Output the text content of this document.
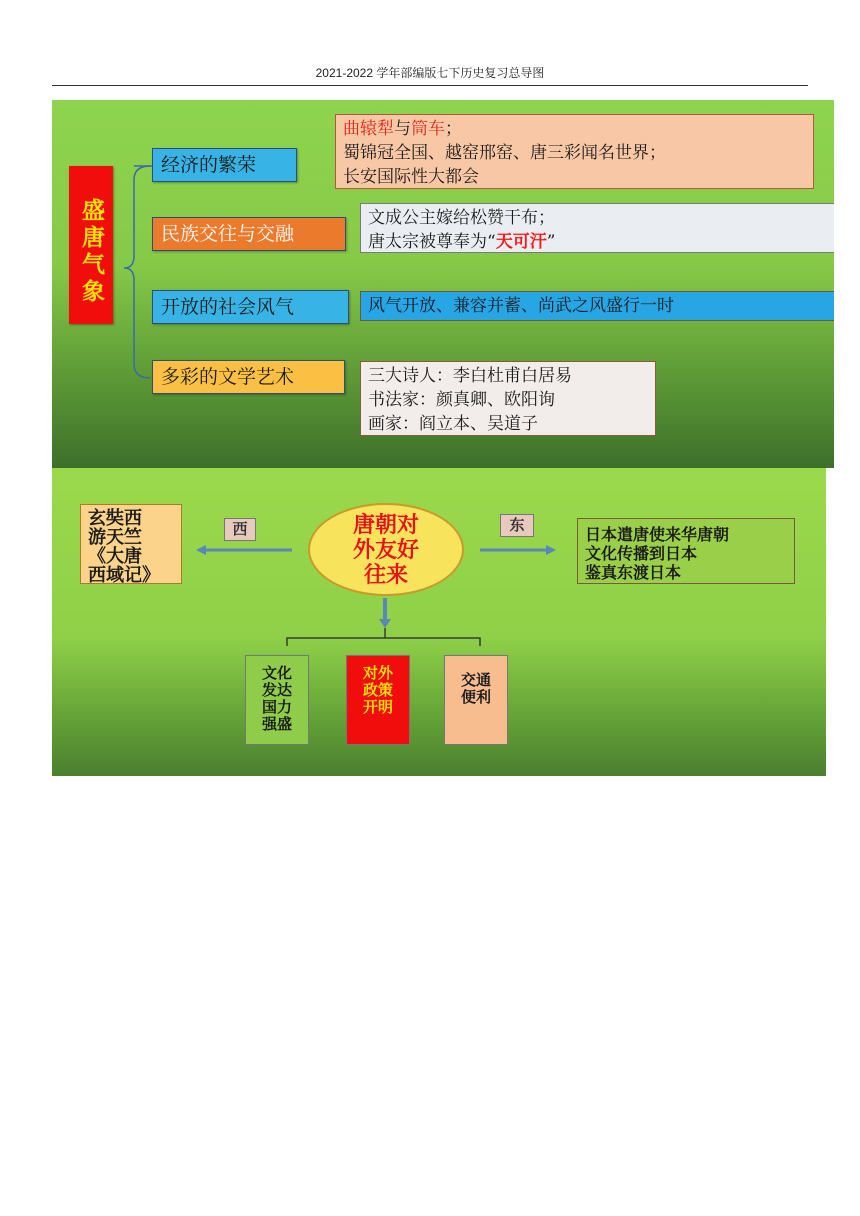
2021-2022 学年部编版七下历史复习总导图
盛唐气象
经济的繁荣
民族交往与交融
开放的社会风气
多彩的文学艺术
曲辕犁与筒车；
蜀锦冠全国、越窑邢窑、唐三彩闻名世界；
长安国际性大都会
文成公主嫁给松赞干布；
唐太宗被尊奉为“天可汗”
风气开放、兼容并蓄、尚武之风盛行一时
三大诗人：李白杜甫白居易
书法家：颜真卿、欧阳询
画家：阎立本、吴道子
玄奘西
游天竺
《大唐
西域记》
西	东
唐朝对
外友好
往来
日本遣唐使来华唐朝
文化传播到日本
鉴真东渡日本
文化
发达
国力
强盛
对外
政策
开明
交通
便利
